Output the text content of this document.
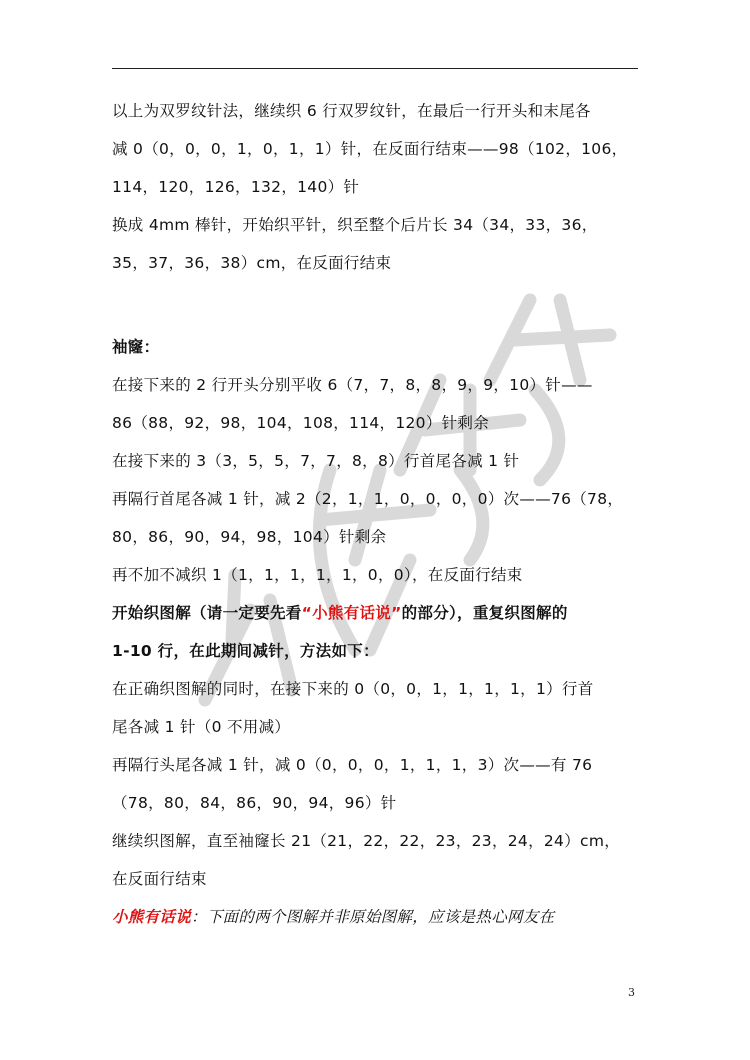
以上为双罗纹针法，继续织 6 行双罗纹针，在最后一行开头和末尾各
减 0（0，0，0，1，0，1，1）针，在反面行结束——98（102，106，
114，120，126，132，140）针
换成 4mm 棒针，开始织平针，织至整个后片长 34（34，33，36，
35，37，36，38）cm，在反面行结束
袖窿：
在接下来的 2 行开头分别平收 6（7，7，8，8，9，9，10）针——
86（88，92，98，104，108，114，120）针剩余
在接下来的 3（3，5，5，7，7，8，8）行首尾各减 1 针
再隔行首尾各减 1 针，减 2（2，1，1，0，0，0，0）次——76（78，
80，86，90，94，98，104）针剩余
再不加不减织 1（1，1，1，1，1，0，0），在反面行结束
开始织图解（请一定要先看“小熊有话说”的部分），重复织图解的
1-10 行，在此期间减针，方法如下：
在正确织图解的同时，在接下来的 0（0，0，1，1，1，1，1）行首
尾各减 1 针（0 不用减）
再隔行头尾各减 1 针，减 0（0，0，0，1，1，1，3）次——有 76
（78，80，84，86，90，94，96）针
继续织图解，直至袖窿长 21（21，22，22，23，23，24，24）cm，
在反面行结束
小熊有话说：下面的两个图解并非原始图解，应该是热心网友在
3
